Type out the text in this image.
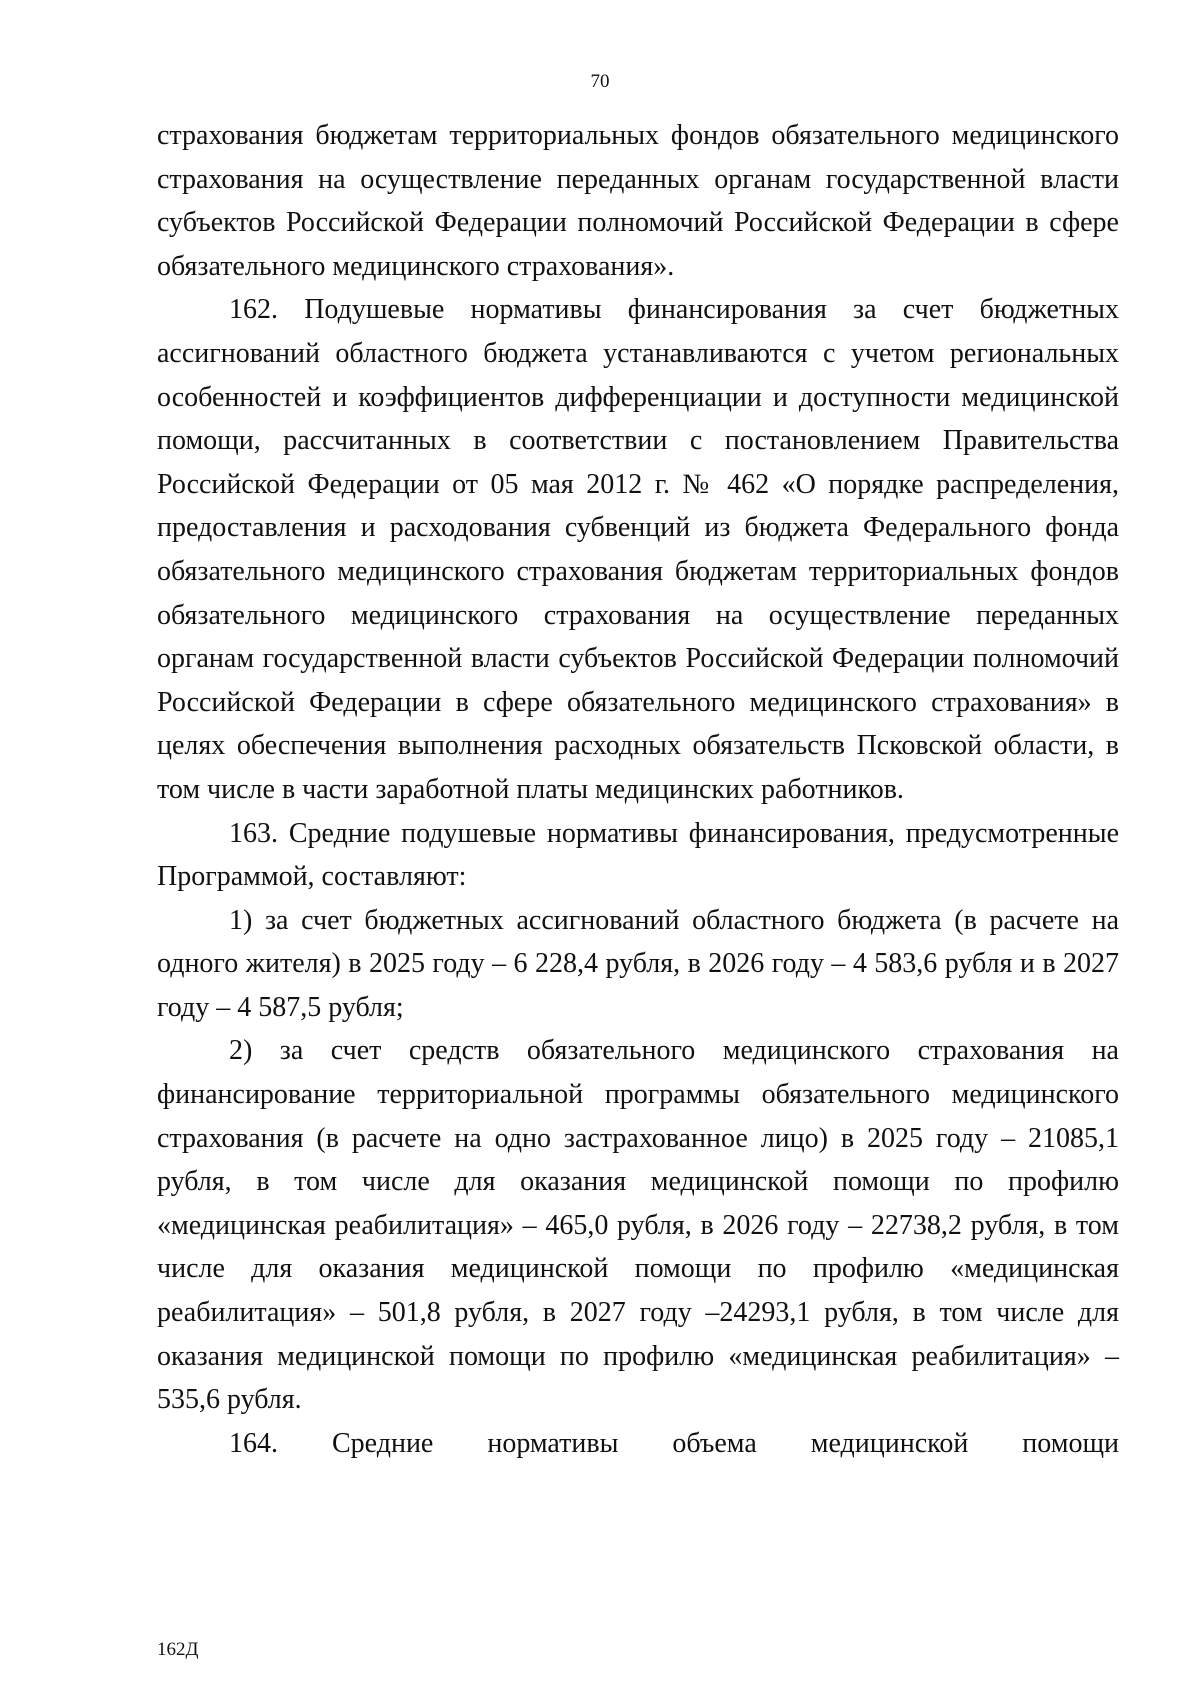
70

страхования бюджетам территориальных фондов обязательного медицинского страхования на осуществление переданных органам государственной власти субъектов Российской Федерации полномочий Российской Федерации в сфере обязательного медицинского страхования».

162. Подушевые нормативы финансирования за счет бюджетных ассигнований областного бюджета устанавливаются с учетом региональных особенностей и коэффициентов дифференциации и доступности медицинской помощи, рассчитанных в соответствии с постановлением Правительства Российской Федерации от 05 мая 2012 г. № 462 «О порядке распределения, предоставления и расходования субвенций из бюджета Федерального фонда обязательного медицинского страхования бюджетам территориальных фондов обязательного медицинского страхования на осуществление переданных органам государственной власти субъектов Российской Федерации полномочий Российской Федерации в сфере обязательного медицинского страхования» в целях обеспечения выполнения расходных обязательств Псковской области, в том числе в части заработной платы медицинских работников.

163. Средние подушевые нормативы финансирования, предусмотренные Программой, составляют:

1) за счет бюджетных ассигнований областного бюджета (в расчете на одного жителя) в 2025 году – 6 228,4 рубля, в 2026 году – 4 583,6 рубля и в 2027 году – 4 587,5 рубля;

2) за счет средств обязательного медицинского страхования на финансирование территориальной программы обязательного медицинского страхования (в расчете на одно застрахованное лицо) в 2025 году – 21085,1 рубля, в том числе для оказания медицинской помощи по профилю «медицинская реабилитация» – 465,0 рубля, в 2026 году – 22738,2 рубля, в том числе для оказания медицинской помощи по профилю «медицинская реабилитация» – 501,8 рубля, в 2027 году –24293,1 рубля, в том числе для оказания медицинской помощи по профилю «медицинская реабилитация» – 535,6 рубля.

164. Средние нормативы объема медицинской помощи

162Д
